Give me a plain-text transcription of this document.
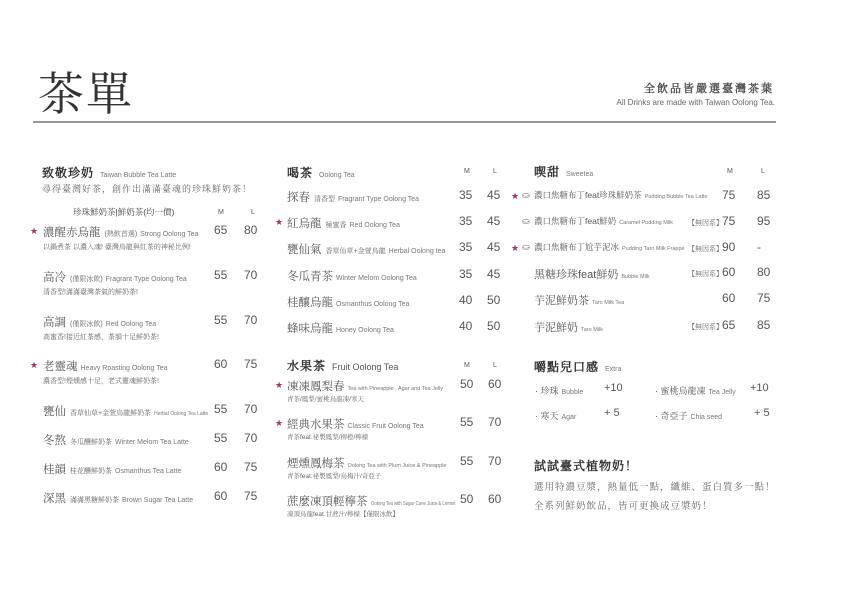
茶單	全飲品皆嚴選臺灣茶葉
All Drinks are made with Taiwan Oolong Tea.
致敬珍奶 Taiwan Bubble Tea Latte
尋得臺灣好茶，創作出滿滿臺魂的珍珠鮮奶茶！
珍珠鮮奶茶|鮮奶茶(均一價)	M	L
喝茶 Oolong Tea
M	L
水果茶 Fruit Oolong Tea	M	L
喫甜 Sweetea	M	L
嚼點兒口感 Extra
試試臺式植物奶！
選用特濃豆漿，熱量低一點，纖維、蛋白質多一點！
全系列鮮奶飲品，皆可更換成豆漿奶！
★ 濃醒赤烏龍 (熱飲首選) Strong Oolong Tea
以鍋煮茶 以濃入魂! 臺灣烏龍與紅茶的神秘比例!
65 80
高冷 (僅限冰飲) Fragrant Type Oolong Tea
清香型!滿滿臺灣茶氣的鮮奶茶!
55 70
高調 (僅限冰飲) Red Oolong Tea
高蜜香!接近紅茶感，茶韻十足鮮奶茶!
55 70
★ 老靈魂 Heavy Roasting Oolong Tea
濃香型!煙燻感十足，老式靈魂鮮奶茶!
60 75
甕仙 香草仙草+金萱烏龍鮮奶茶 Herbal Oolong Tea Latte 55 70
冬熬 冬瓜釀鮮奶茶 Winter Melom Tea Latte 55 70
桂韻 桂花釀鮮奶茶 Osmanthus Tea Latte	60 75
深黑 滿滿黑糖鮮奶茶 Brown Sugar Tea Latte 60 75
探春 清香型 Fragrant Type Oolong Tea	35 45
★ 紅烏龍 極蜜香 Red Oolong Tea	35 45
甕仙氣 香草仙草+金萱烏龍 Herbal Oolong tea 35 45
冬瓜青茶 Winter Melom Oolong Tea	35 45
桂釀烏龍 Osmanthus Oolong Tea	40 50
蜂味烏龍 Honey Oolong Tea	40 50
★ 凍凍鳳梨春 Tea with Pineapple , Agar and Tea Jelly
青茶/鳳梨/蜜桃烏龍凍/寒天
50 60
★ 經典水果茶 Classic Fruit Oolong Tea
青茶feat.祕製鳳梨/柳橙/檸檬
55 70
煙燻鳳梅茶 Oolong Tea with Plum Juice & Pineapple
青茶feat.祕製鳳梨/烏梅汁/奇亞子
55 70
蔗麼凍頂輕檸茶 Oolong Tea with Sugar Cane Juice & Lemon
凍頂烏龍feat.甘蔗汁/檸檬【僅限冰飲】
50 60
★ ⛀ 濃口焦糖布丁feat珍珠鮮奶茶 Pudding Bubble Tea Latte 75 85
⛀ 濃口焦糖布丁feat鮮奶 Caramel Pudding Milk 【無因系】 75 95
★ ⛀ 濃口焦糖布丁尬芋泥冰 Pudding Taro Milk Frappe 【無因系】 90 -
黑糖珍珠feat鮮奶 Bubble Milk	【無因系】 60 80
芋泥鮮奶茶 Taro Milk Tea	60 75
芋泥鮮奶 Taro Milk	【無因系】 65 85
· 珍珠 Bubble +10	· 蜜桃烏龍凍 Tea Jelly +10
· 寒天 Agar	+ 5	· 奇亞子 Chia seed	+ 5
